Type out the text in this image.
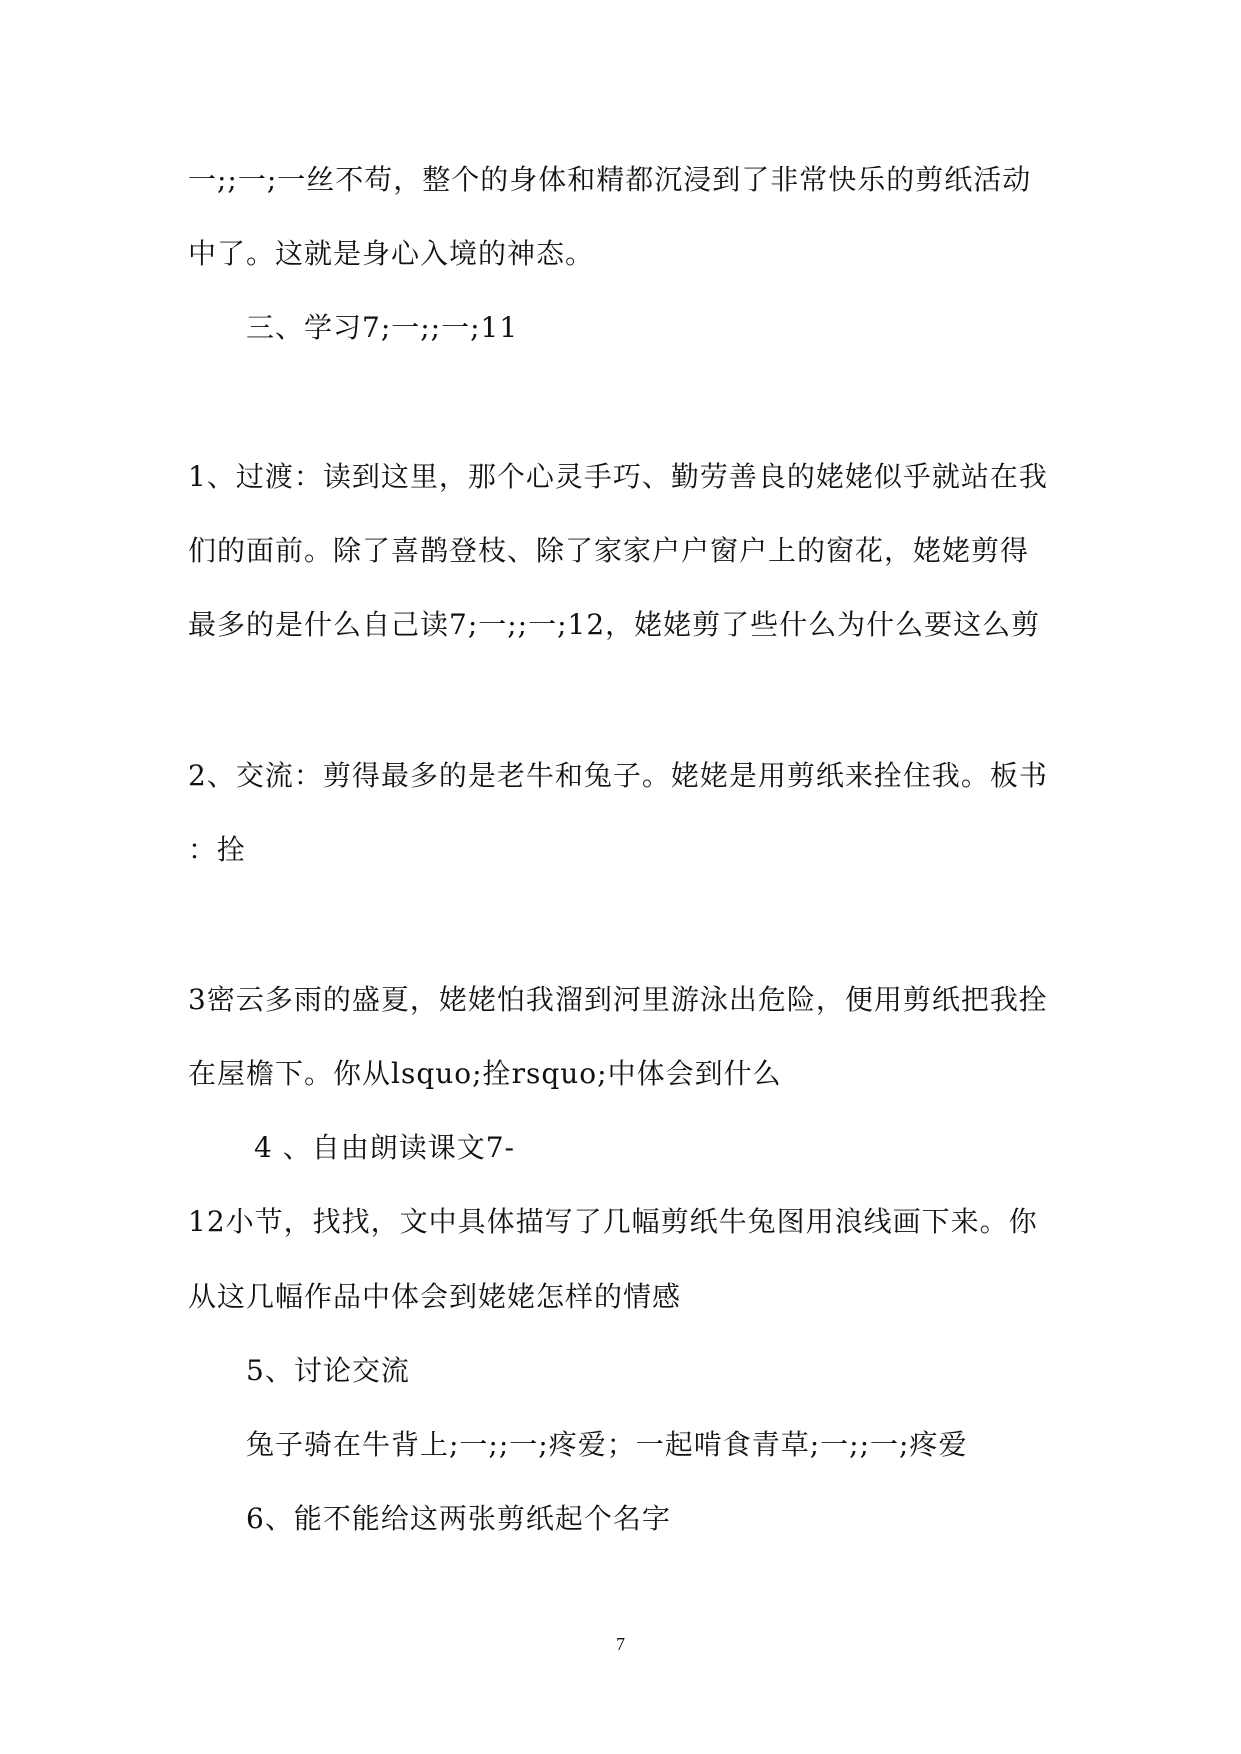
一;;一;一丝不苟，整个的身体和精都沉浸到了非常快乐的剪纸活动
中了。这就是身心入境的神态。
三、学习7;一;;一;11
1、过渡：读到这里，那个心灵手巧、勤劳善良的姥姥似乎就站在我
们的面前。除了喜鹊登枝、除了家家户户窗户上的窗花，姥姥剪得
最多的是什么自己读7;一;;一;12，姥姥剪了些什么为什么要这么剪
2、交流：剪得最多的是老牛和兔子。姥姥是用剪纸来拴住我。板书
：拴
3密云多雨的盛夏，姥姥怕我溜到河里游泳出危险，便用剪纸把我拴
在屋檐下。你从lsquo;拴rsquo;中体会到什么
4 、自由朗读课文7-
12小节，找找，文中具体描写了几幅剪纸牛兔图用浪线画下来。你
从这几幅作品中体会到姥姥怎样的情感
5、讨论交流
兔子骑在牛背上;一;;一;疼爱；一起啃食青草;一;;一;疼爱
6、能不能给这两张剪纸起个名字
7
